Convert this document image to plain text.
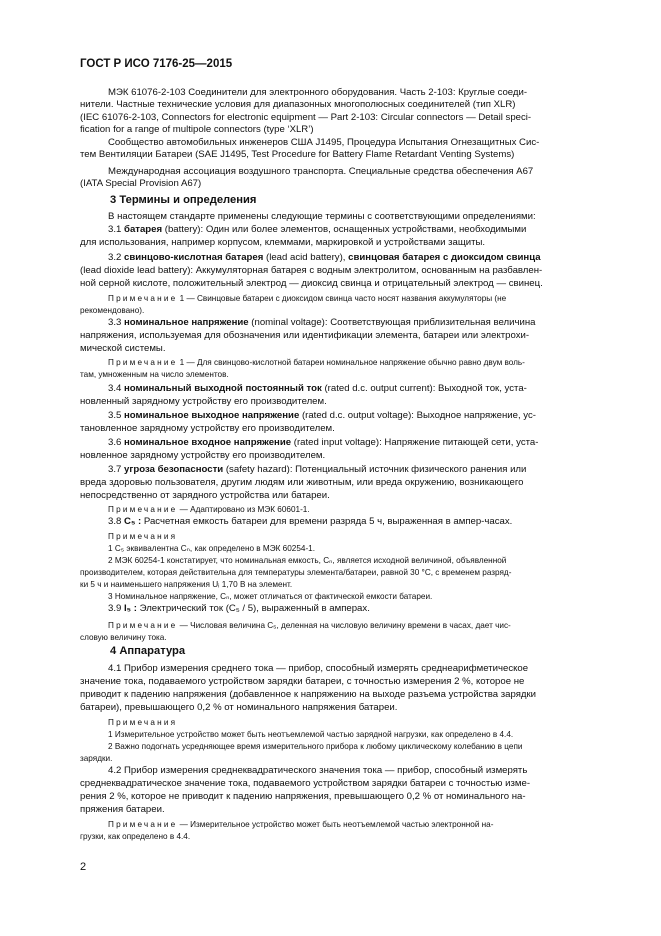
ГОСТ Р ИСО 7176-25—2015
МЭК 61076-2-103 Соединители для электронного оборудования. Часть 2-103: Круглые соеди-
нители. Частные технические условия для диапазонных многополюсных соединителей (тип XLR)
(IEC 61076-2-103, Connectors for electronic equipment — Part 2-103: Circular connectors — Detail speci-
fication for a range of multipole connectors (type ‘XLR’)
Сообщество автомобильных инженеров США J1495, Процедура Испытания Огнезащитных Сис-
тем Вентиляции Батареи (SAE J1495, Test Procedure for Battery Flame Retardant Venting Systems)
Международная ассоциация воздушного транспорта. Специальные средства обеспечения A67
(IATA Special Provision A67)
3 Термины и определения
В настоящем стандарте применены следующие термины с соответствующими определениями:
3.1 батарея (battery): Один или более элементов, оснащенных устройствами, необходимыми
для использования, например корпусом, клеммами, маркировкой и устройствами защиты.
3.2 свинцово-кислотная батарея (lead acid battery), свинцовая батарея с диоксидом свинца
(lead dioxide lead battery): Аккумуляторная батарея с водным электролитом, основанным на разбавлен-
ной серной кислоте, положительный электрод — диоксид свинца и отрицательный электрод — свинец.
Примечание 1 — Свинцовые батареи с диоксидом свинца часто носят названия аккумуляторы (не
рекомендовано).
3.3 номинальное напряжение (nominal voltage): Соответствующая приблизительная величина
напряжения, используемая для обозначения или идентификации элемента, батареи или электрохи-
мической системы.
Примечание 1 — Для свинцово-кислотной батареи номинальное напряжение обычно равно двум воль-
там, умноженным на число элементов.
3.4 номинальный выходной постоянный ток (rated d.c. output current): Выходной ток, уста-
новленный зарядному устройству его производителем.
3.5 номинальное выходное напряжение (rated d.c. output voltage): Выходное напряжение, ус-
тановленное зарядному устройству его производителем.
3.6 номинальное входное напряжение (rated input voltage): Напряжение питающей сети, уста-
новленное зарядному устройству его производителем.
3.7 угроза безопасности (safety hazard): Потенциальный источник физического ранения или
вреда здоровью пользователя, другим людям или животным, или вреда окружению, возникающего
непосредственно от зарядного устройства или батареи.
Примечание — Адаптировано из МЭК 60601-1.
3.8 C₅ : Расчетная емкость батареи для времени разряда 5 ч, выраженная в ампер-часах.
Примечания
1 C₅ эквивалентна Cₙ, как определено в МЭК 60254-1.
2 МЭК 60254-1 констатирует, что номинальная емкость, Cₙ, является исходной величиной, объявленной
производителем, которая действительна для температуры элемента/батареи, равной 30 °С, с временем разряд-
ки 5 ч и наименьшего напряжения Uᵢ 1,70 В на элемент.
3 Номинальное напряжение, Cₙ, может отличаться от фактической емкости батареи.
3.9 I₅ : Электрический ток (C₅ / 5), выраженный в амперах.
Примечание — Числовая величина C₅, деленная на числовую величину времени в часах, дает чис-
словую величину тока.
4 Аппаратура
4.1 Прибор измерения среднего тока — прибор, способный измерять среднеарифметическое
значение тока, подаваемого устройством зарядки батареи, с точностью измерения 2 %, которое не
приводит к падению напряжения (добавленное к напряжению на выходе разъема устройства зарядки
батареи), превышающего 0,2 % от номинального напряжения батареи.
Примечания
1 Измерительное устройство может быть неотъемлемой частью зарядной нагрузки, как определено в 4.4.
2 Важно подогнать усредняющее время измерительного прибора к любому циклическому колебанию в цепи
зарядки.
4.2 Прибор измерения среднеквадратического значения тока — прибор, способный измерять
среднеквадратическое значение тока, подаваемого устройством зарядки батареи с точностью изме-
рения 2 %, которое не приводит к падению напряжения, превышающего 0,2 % от номинального на-
пряжения батареи.
Примечание — Измерительное устройство может быть неотъемлемой частью электронной на-
грузки, как определено в 4.4.
2
